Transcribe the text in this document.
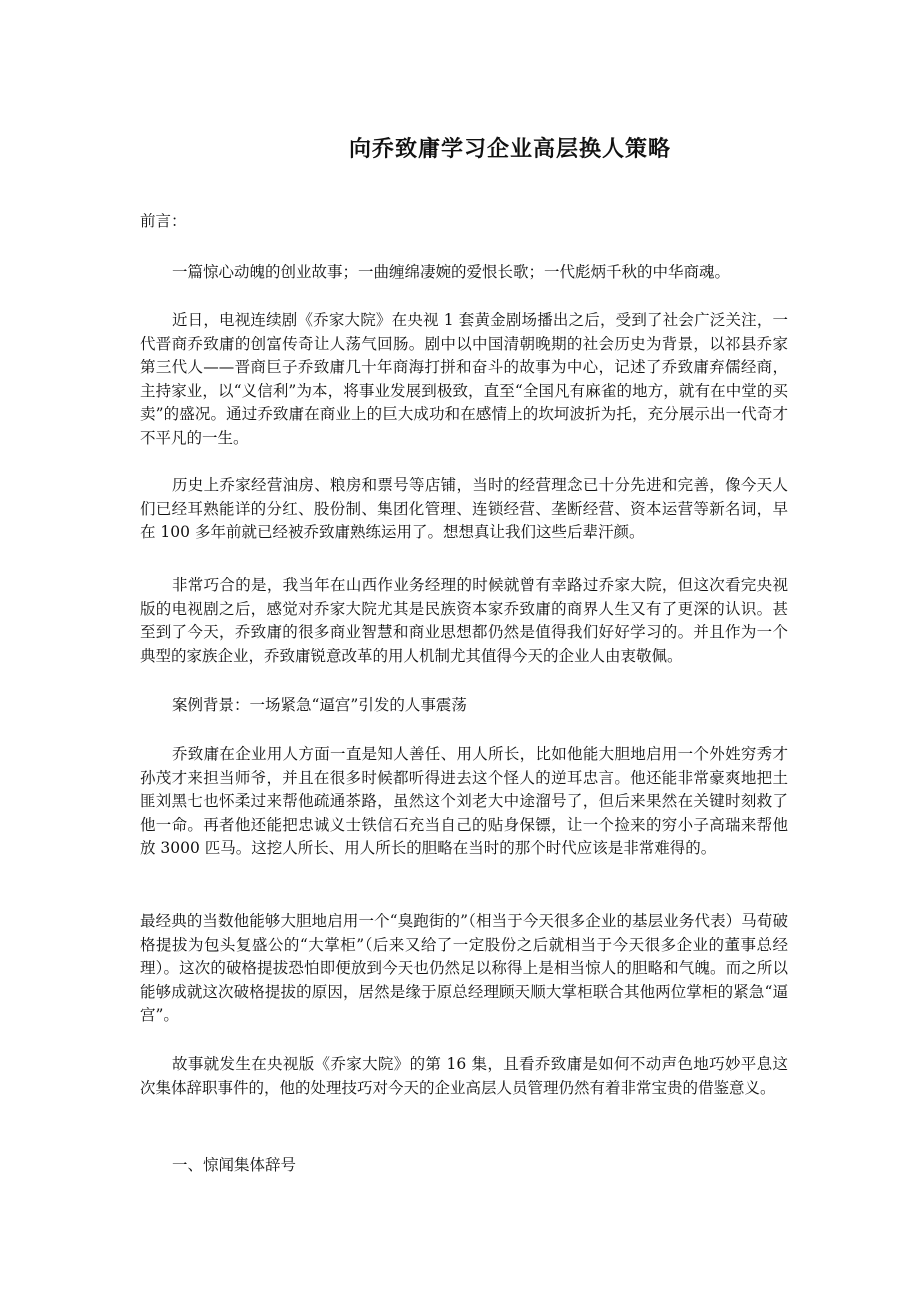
向乔致庸学习企业高层换人策略

前言：

一篇惊心动魄的创业故事；一曲缠绵凄婉的爱恨长歌；一代彪炳千秋的中华商魂。

近日，电视连续剧《乔家大院》在央视 1 套黄金剧场播出之后，受到了社会广泛关注，一代晋商乔致庸的创富传奇让人荡气回肠。剧中以中国清朝晚期的社会历史为背景，以祁县乔家第三代人——晋商巨子乔致庸几十年商海打拼和奋斗的故事为中心，记述了乔致庸弃儒经商，主持家业，以“义信利”为本，将事业发展到极致，直至“全国凡有麻雀的地方，就有在中堂的买卖”的盛况。通过乔致庸在商业上的巨大成功和在感情上的坎坷波折为托，充分展示出一代奇才不平凡的一生。

历史上乔家经营油房、粮房和票号等店铺，当时的经营理念已十分先进和完善，像今天人们已经耳熟能详的分红、股份制、集团化管理、连锁经营、垄断经营、资本运营等新名词，早在 100 多年前就已经被乔致庸熟练运用了。想想真让我们这些后辈汗颜。

非常巧合的是，我当年在山西作业务经理的时候就曾有幸路过乔家大院，但这次看完央视版的电视剧之后，感觉对乔家大院尤其是民族资本家乔致庸的商界人生又有了更深的认识。甚至到了今天，乔致庸的很多商业智慧和商业思想都仍然是值得我们好好学习的。并且作为一个典型的家族企业，乔致庸锐意改革的用人机制尤其值得今天的企业人由衷敬佩。

案例背景：一场紧急“逼宫”引发的人事震荡

乔致庸在企业用人方面一直是知人善任、用人所长，比如他能大胆地启用一个外姓穷秀才孙茂才来担当师爷，并且在很多时候都听得进去这个怪人的逆耳忠言。他还能非常豪爽地把土匪刘黑七也怀柔过来帮他疏通茶路，虽然这个刘老大中途溜号了，但后来果然在关键时刻救了他一命。再者他还能把忠诚义士铁信石充当自己的贴身保镖，让一个捡来的穷小子高瑞来帮他放 3000 匹马。这挖人所长、用人所长的胆略在当时的那个时代应该是非常难得的。

最经典的当数他能够大胆地启用一个“臭跑街的”（相当于今天很多企业的基层业务代表）马荀破格提拔为包头复盛公的“大掌柜”（后来又给了一定股份之后就相当于今天很多企业的董事总经理）。这次的破格提拔恐怕即便放到今天也仍然足以称得上是相当惊人的胆略和气魄。而之所以能够成就这次破格提拔的原因，居然是缘于原总经理顾天顺大掌柜联合其他两位掌柜的紧急“逼宫”。

故事就发生在央视版《乔家大院》的第 16 集，且看乔致庸是如何不动声色地巧妙平息这次集体辞职事件的，他的处理技巧对今天的企业高层人员管理仍然有着非常宝贵的借鉴意义。

一、惊闻集体辞号
